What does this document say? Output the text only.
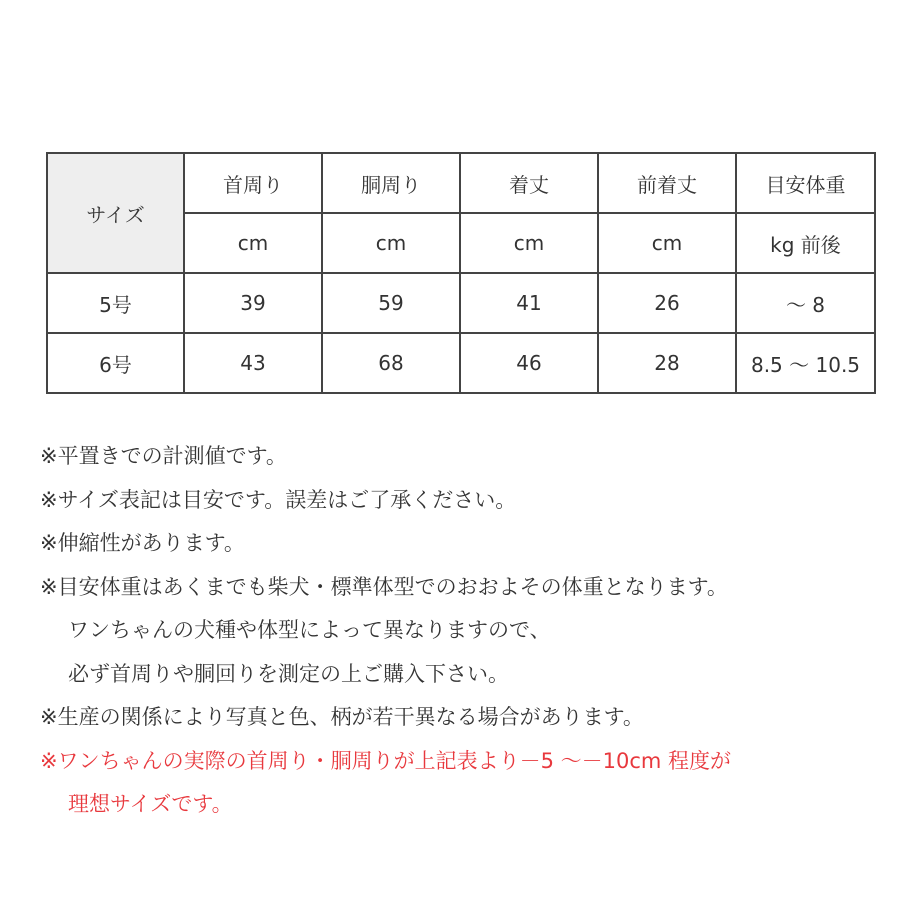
サイズ	首周り	胴周り	着丈	前着丈	目安体重
	cm	cm	cm	cm	kg 前後
5号	39	59	41	26	～ 8
6号	43	68	46	28	8.5 ～ 10.5
※平置きでの計測値です。
※サイズ表記は目安です。誤差はご了承ください。
※伸縮性があります。
※目安体重はあくまでも柴犬・標準体型でのおおよその体重となります。
ワンちゃんの犬種や体型によって異なりますので、
必ず首周りや胴回りを測定の上ご購入下さい。
※生産の関係により写真と色、柄が若干異なる場合があります。
※ワンちゃんの実際の首周り・胴周りが上記表より－5 ～－10cm 程度が
理想サイズです。
